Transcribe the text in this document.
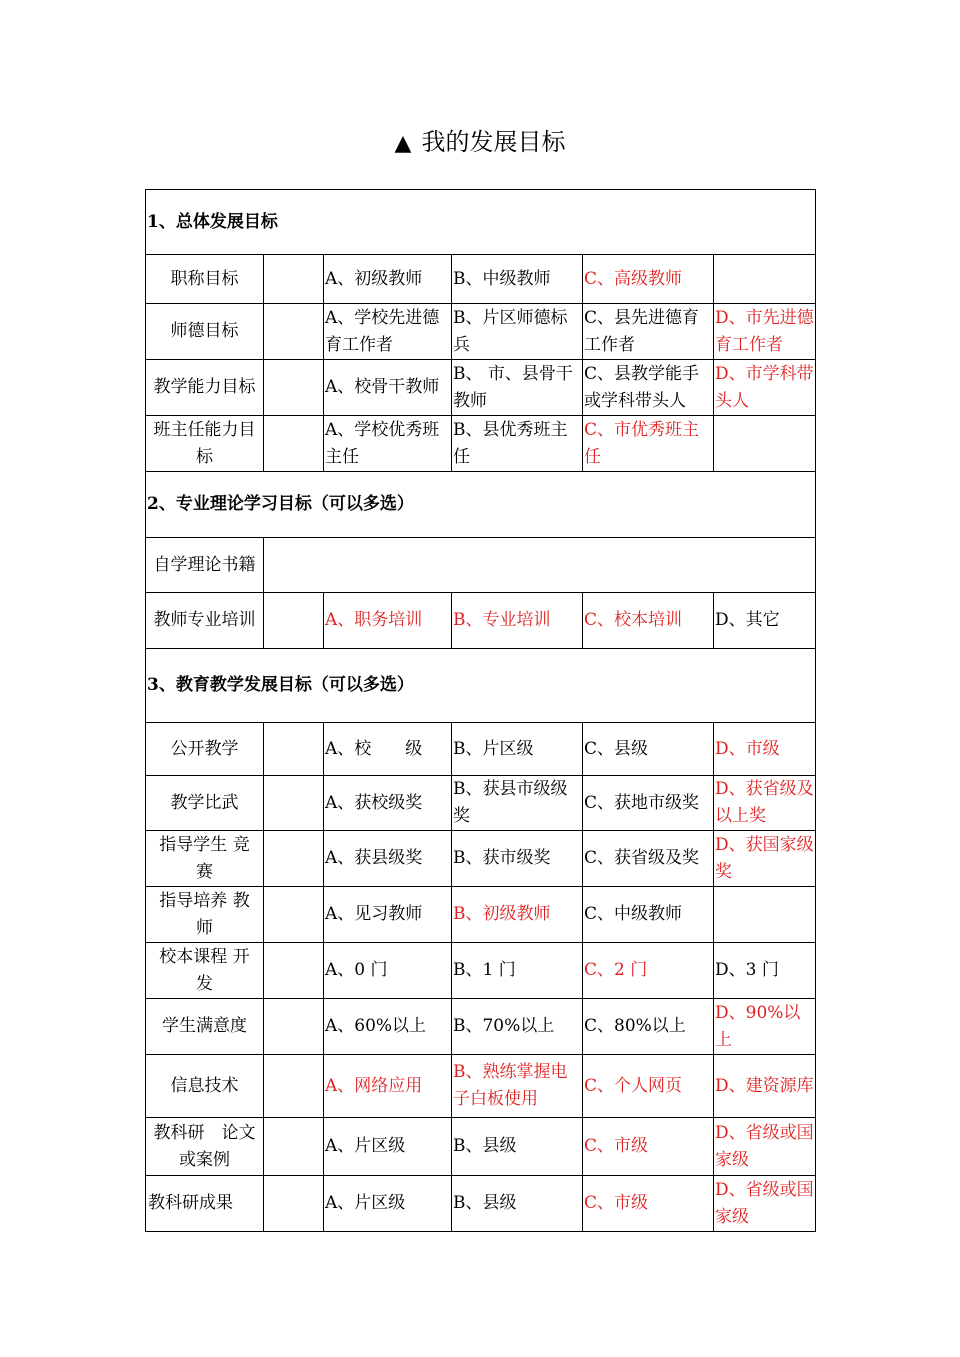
▲ 我的发展目标
1、总体发展目标					
职称目标		A、初级教师	B、中级教师	C、高级教师	
师德目标		A、学校先进德育工作者	B、片区师德标兵	C、县先进德育工作者	D、市先进德育工作者
教学能力目标		A、校骨干教师	B、 市、县骨干教师	C、县教学能手或学科带头人	D、市学科带头人
班主任能力目标		A、学校优秀班主任	B、县优秀班主任	C、市优秀班主任	
2、专业理论学习目标（可以多选）					
自学理论书籍					
教师专业培训		A、职务培训	B、专业培训	C、校本培训	D、其它
3、教育教学发展目标（可以多选）					
公开教学		A、校　　级	B、片区级	C、县级	D、市级
教学比武		A、获校级奖	B、获县市级级奖	C、获地市级奖	D、获省级及以上奖
指导学生 竞赛		A、获县级奖	B、获市级奖	C、获省级及奖	D、获国家级奖
指导培养 教师		A、见习教师	B、初级教师	C、中级教师	
校本课程 开发		A、0 门	B、1 门	C、2 门	D、3 门
学生满意度		A、60%以上	B、70%以上	C、80%以上	D、90%以上
信息技术		A、网络应用	B、熟练掌握电子白板使用	C、个人网页	D、建资源库
教科研　论文或案例		A、片区级	B、县级	C、市级	D、省级或国家级
教科研成果		A、片区级	B、县级	C、市级	D、省级或国家级
